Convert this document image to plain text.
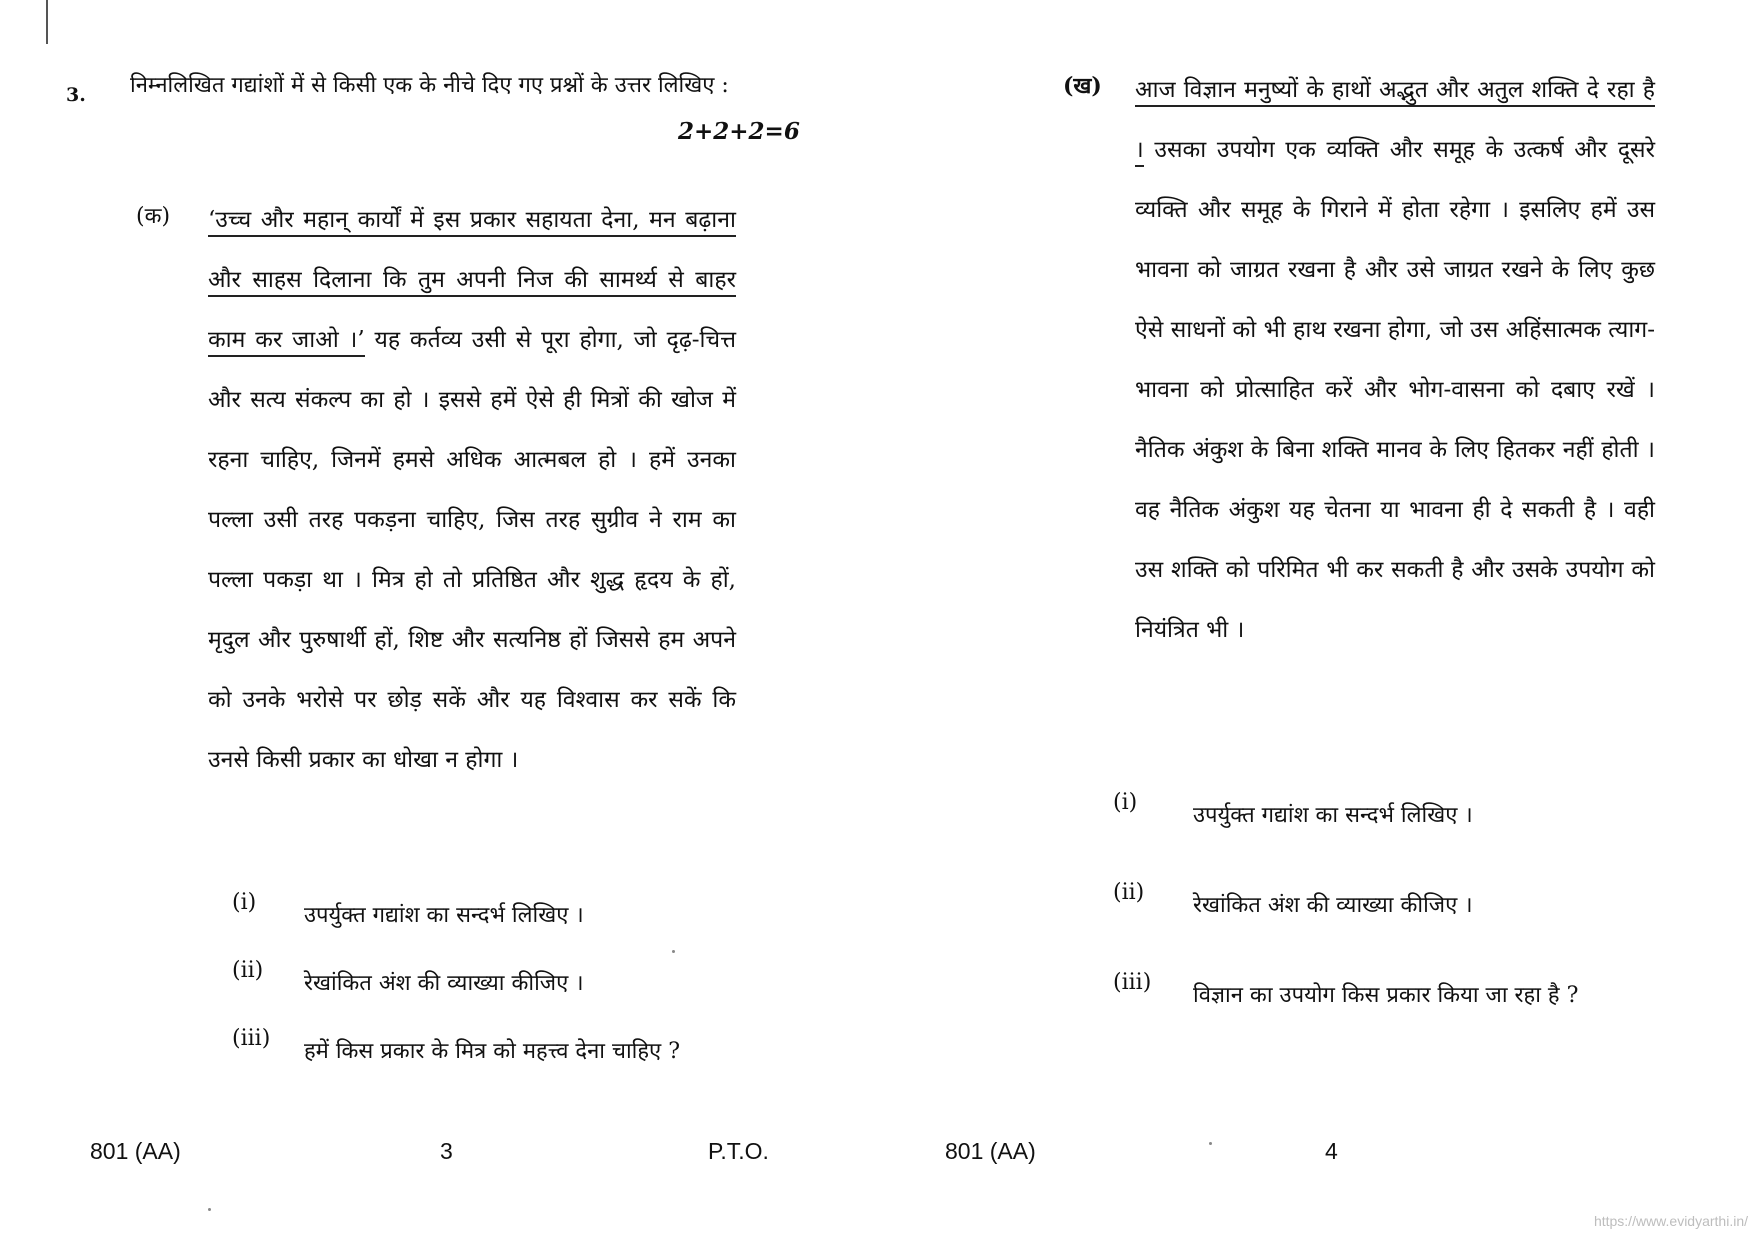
3. निम्नलिखित गद्यांशों में से किसी एक के नीचे दिए गए प्रश्नों के उत्तर लिखिए :
2+2+2=6
(क) ‘उच्च और महान् कार्यों में इस प्रकार सहायता देना, मन बढ़ाना और साहस दिलाना कि तुम अपनी निज की सामर्थ्य से बाहर काम कर जाओ ।’ यह कर्तव्य उसी से पूरा होगा, जो दृढ़-चित्त और सत्य संकल्प का हो । इससे हमें ऐसे ही मित्रों की खोज में रहना चाहिए, जिनमें हमसे अधिक आत्मबल हो । हमें उनका पल्ला उसी तरह पकड़ना चाहिए, जिस तरह सुग्रीव ने राम का पल्ला पकड़ा था । मित्र हो तो प्रतिष्ठित और शुद्ध हृदय के हों, मृदुल और पुरुषार्थी हों, शिष्ट और सत्यनिष्ठ हों जिससे हम अपने को उनके भरोसे पर छोड़ सकें और यह विश्वास कर सकें कि उनसे किसी प्रकार का धोखा न होगा ।

(i)
उपर्युक्त गद्यांश का सन्दर्भ लिखिए ।
(ii)
रेखांकित अंश की व्याख्या कीजिए ।
(iii)
हमें किस प्रकार के मित्र को महत्त्व देना चाहिए ?
801 (AA)	3	P.T.O.
(ख) आज विज्ञान मनुष्यों के हाथों अद्भुत और अतुल शक्ति दे रहा है । उसका उपयोग एक व्यक्ति और समूह के उत्कर्ष और दूसरे व्यक्ति और समूह के गिराने में होता रहेगा । इसलिए हमें उस भावना को जाग्रत रखना है और उसे जाग्रत रखने के लिए कुछ ऐसे साधनों को भी हाथ रखना होगा, जो उस अहिंसात्मक त्याग-भावना को प्रोत्साहित करें और भोग-वासना को दबाए रखें । नैतिक अंकुश के बिना शक्ति मानव के लिए हितकर नहीं होती । वह नैतिक अंकुश यह चेतना या भावना ही दे सकती है । वही उस शक्ति को परिमित भी कर सकती है और उसके उपयोग को नियंत्रित भी ।

(i)
उपर्युक्त गद्यांश का सन्दर्भ लिखिए ।
(ii)
रेखांकित अंश की व्याख्या कीजिए ।
(iii)
विज्ञान का उपयोग किस प्रकार किया जा रहा है ?
801 (AA)	4
https://www.evidyarthi.in/
